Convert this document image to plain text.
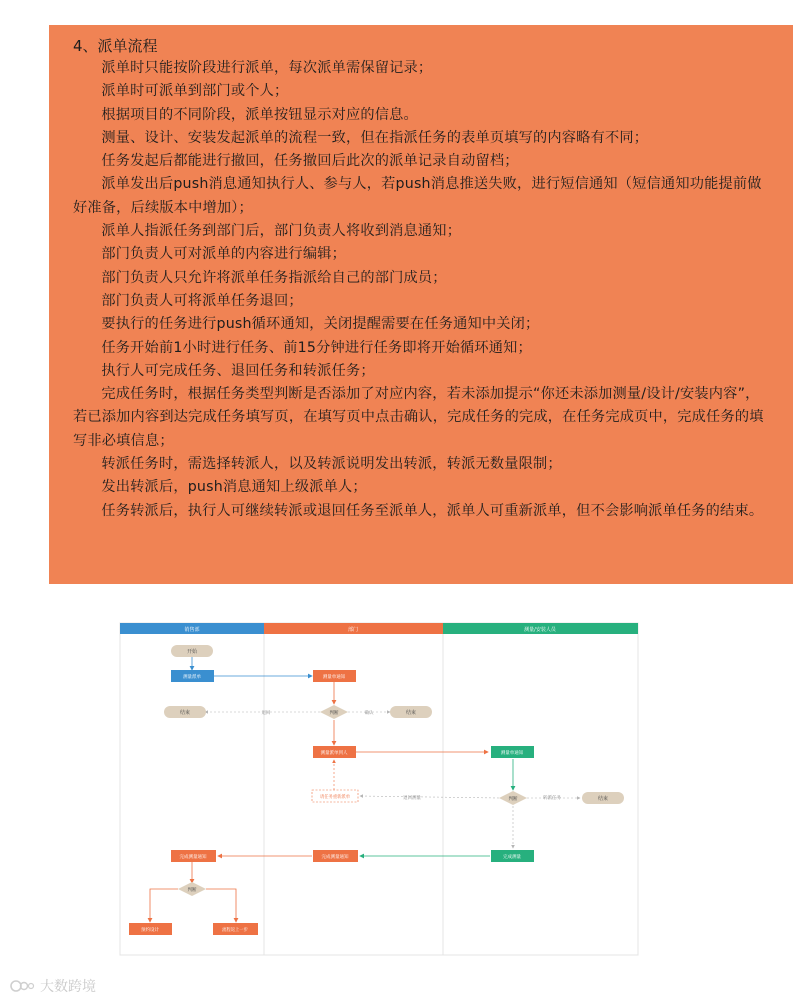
4、派单流程

派单时只能按阶段进行派单，每次派单需保留记录；

派单时可派单到部门或个人；

根据项目的不同阶段，派单按钮显示对应的信息。

测量、设计、安装发起派单的流程一致，但在指派任务的表单页填写的内容略有不同；

任务发起后都能进行撤回，任务撤回后此次的派单记录自动留档；

派单发出后push消息通知执行人、参与人，若push消息推送失败，进行短信通知（短信通知功能提前做好准备，后续版本中增加）；

派单人指派任务到部门后，部门负责人将收到消息通知；

部门负责人可对派单的内容进行编辑；

部门负责人只允许将派单任务指派给自己的部门成员；

部门负责人可将派单任务退回；

要执行的任务进行push循环通知，关闭提醒需要在任务通知中关闭；

任务开始前1小时进行任务、前15分钟进行任务即将开始循环通知；

执行人可完成任务、退回任务和转派任务；

完成任务时，根据任务类型判断是否添加了对应内容，若未添加提示“你还未添加测量/设计/安装内容”，若已添加内容到达完成任务填写页，在填写页中点击确认，完成任务的完成，在任务完成页中，完成任务的填写非必填信息；

转派任务时，需选择转派人，以及转派说明发出转派，转派无数量限制；

发出转派后，push消息通知上级派单人；

任务转派后，执行人可继续转派或退回任务至派单人，派单人可重新派单，但不会影响派单任务的结束。

销售部	部门	测量/安装人员
退回	确认
退回测量	转派任务
开始
测量派单	测量单通知
结束	判断	结束
测量派单到人	测量单通知
请任务重新派单	判断	结束
完成测量
完成测量通知
完成测量通知
判断
预约设计	流程返上一步
大数跨境
